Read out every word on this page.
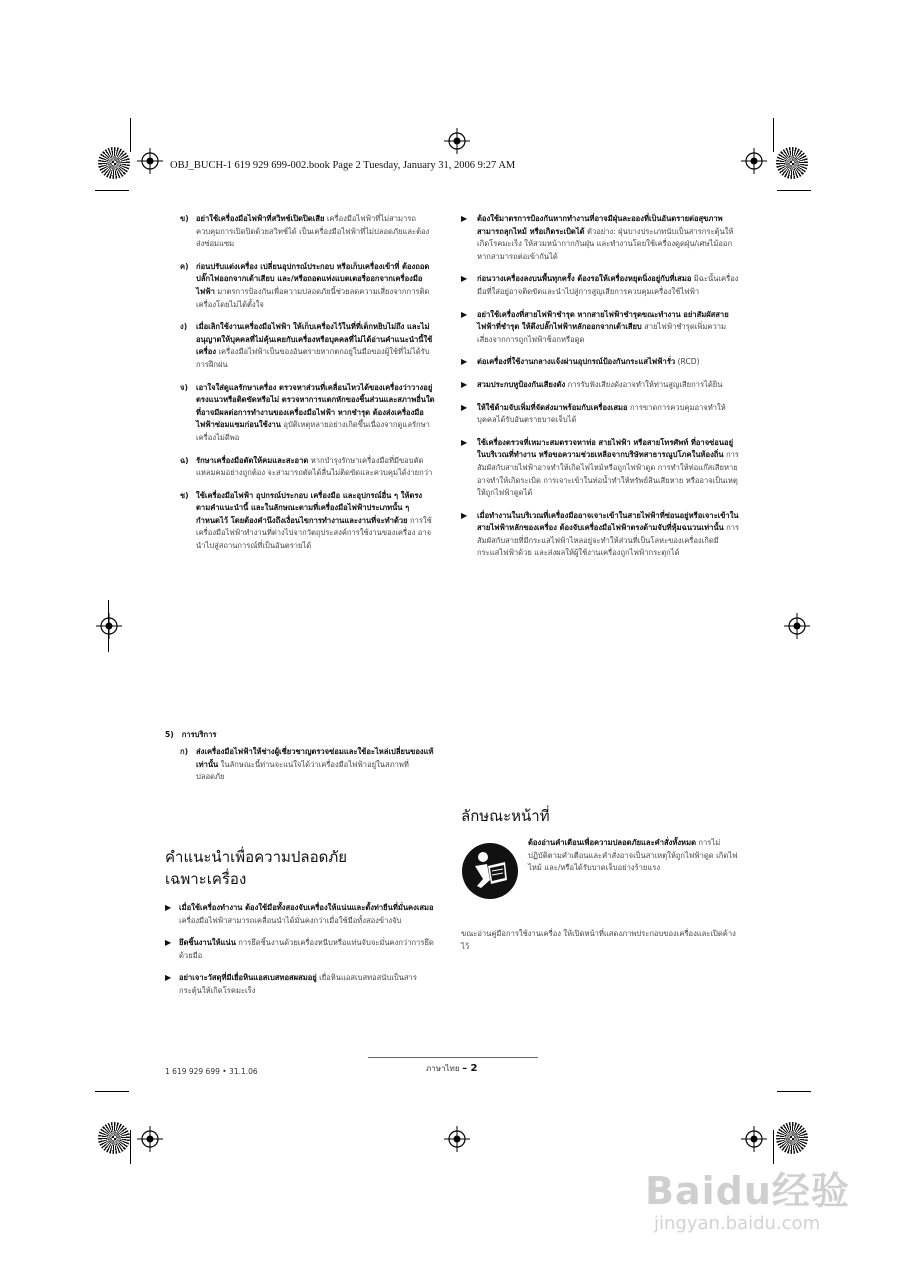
OBJ_BUCH-1 619 929 699-002.book Page 2 Tuesday, January 31, 2006 9:27 AM
ข) อย่าใช้เครื่องมือไฟฟ้าที่สวิทช์เปิดปิดเสีย เครื่องมือไฟฟ้าที่ไม่สามารถควบคุมการเปิดปิดด้วยสวิทช์ได้ เป็นเครื่องมือไฟฟ้าที่ไม่ปลอดภัยและต้องส่งซ่อมแซม
ค) ก่อนปรับแต่งเครื่อง เปลี่ยนอุปกรณ์ประกอบ หรือเก็บเครื่องเข้าที่ ต้องถอดปลั๊กไฟออกจากเต้าเสียบ และ/หรือถอดแท่งแบตเตอรี่ออกจากเครื่องมือไฟฟ้า มาตรการป้องกันเพื่อความปลอดภัยนี้ช่วยลดความเสี่ยงจากการติดเครื่องโดยไม่ได้ตั้งใจ
ง) เมื่อเลิกใช้งานเครื่องมือไฟฟ้า ให้เก็บเครื่องไว้ในที่ที่เด็กหยิบไม่ถึง และไม่อนุญาตให้บุคคลที่ไม่คุ้นเคยกับเครื่องหรือบุคคลที่ไม่ได้อ่านคำแนะนำนี้ใช้เครื่อง เครื่องมือไฟฟ้าเป็นของอันตรายหากตกอยู่ในมือของผู้ใช้ที่ไม่ได้รับการฝึกฝน
จ) เอาใจใส่ดูแลรักษาเครื่อง ตรวจหาส่วนที่เคลื่อนไหวได้ของเครื่องว่าวางอยู่ตรงแนวหรือติดขัดหรือไม่ ตรวจหาการแตกหักของชิ้นส่วนและสภาพอื่นใดที่อาจมีผลต่อการทำงานของเครื่องมือไฟฟ้า หากชำรุด ต้องส่งเครื่องมือไฟฟ้าซ่อมแซมก่อนใช้งาน อุบัติเหตุหลายอย่างเกิดขึ้นเนื่องจากดูแลรักษาเครื่องไม่ดีพอ
ฉ) รักษาเครื่องมือตัดให้คมและสะอาด หากบำรุงรักษาเครื่องมือที่มีขอบตัดแหลมคมอย่างถูกต้อง จะสามารถตัดได้ลื่นไม่ติดขัดและควบคุมได้ง่ายกว่า
ช) ใช้เครื่องมือไฟฟ้า อุปกรณ์ประกอบ เครื่องมือ และอุปกรณ์อื่น ๆ ให้ตรงตามคำแนะนำนี้ และในลักษณะตามที่เครื่องมือไฟฟ้าประเภทนั้น ๆ กำหนดไว้ โดยต้องคำนึงถึงเงื่อนไขการทำงานและงานที่จะทำด้วย การใช้เครื่องมือไฟฟ้าทำงานที่ต่างไปจากวัตถุประสงค์การใช้งานของเครื่อง อาจนำไปสู่สถานการณ์ที่เป็นอันตรายได้
5) การบริการ
ก) ส่งเครื่องมือไฟฟ้าให้ช่างผู้เชี่ยวชาญตรวจซ่อมและใช้อะไหล่เปลี่ยนของแท้เท่านั้น ในลักษณะนี้ท่านจะแน่ใจได้ว่าเครื่องมือไฟฟ้าอยู่ในสภาพที่ปลอดภัย
คำแนะนำเพื่อความปลอดภัย
เฉพาะเครื่อง
▶ เมื่อใช้เครื่องทำงาน ต้องใช้มือทั้งสองจับเครื่องให้แน่นและตั้งท่ายืนที่มั่นคงเสมอ เครื่องมือไฟฟ้าสามารถเคลื่อนนำได้มั่นคงกว่าเมื่อใช้มือทั้งสองข้างจับ
▶ ยึดชิ้นงานให้แน่น การยึดชิ้นงานด้วยเครื่องหนีบหรือแท่นจับจะมั่นคงกว่าการยึดด้วยมือ
▶ อย่าเจาะวัสดุที่มีเยื่อหินแอสเบสทอสผสมอยู่ เยื่อหินแอสเบสทอสนับเป็นสารกระตุ้นให้เกิดโรคมะเร็ง
▶ ต้องใช้มาตรการป้องกันหากทำงานที่อาจมีฝุ่นละอองที่เป็นอันตรายต่อสุขภาพ สามารถลุกไหม้ หรือเกิดระเบิดได้ ตัวอย่าง: ฝุ่นบางประเภทนับเป็นสารกระตุ้นให้เกิดโรคมะเร็ง ให้สวมหน้ากากกันฝุ่น และทำงานโดยใช้เครื่องดูดฝุ่น/เศษไม้ออกหากสามารถต่อเข้ากันได้
▶ ก่อนวางเครื่องลงบนพื้นทุกครั้ง ต้องรอให้เครื่องหยุดนิ่งอยู่กับที่เสมอ มิฉะนั้นเครื่องมือที่ใส่อยู่อาจติดขัดและนำไปสู่การสูญเสียการควบคุมเครื่องใช้ไฟฟ้า
▶ อย่าใช้เครื่องที่สายไฟฟ้าชำรุด หากสายไฟฟ้าชำรุดขณะทำงาน อย่าสัมผัสสายไฟฟ้าที่ชำรุด ให้ดึงปลั๊กไฟฟ้าหลักออกจากเต้าเสียบ สายไฟฟ้าชำรุดเพิ่มความเสี่ยงจากการถูกไฟฟ้าช็อกหรือดูด
▶ ต่อเครื่องที่ใช้งานกลางแจ้งผ่านอุปกรณ์ป้องกันกระแสไฟฟ้ารั่ว (RCD)
▶ สวมประกบหูป้องกันเสียงดัง การรับฟังเสียงดังอาจทำให้ท่านสูญเสียการได้ยิน
▶ ให้ใช้ด้ามจับเพิ่มที่จัดส่งมาพร้อมกับเครื่องเสมอ การขาดการควบคุมอาจทำให้บุคคลได้รับอันตรายบาดเจ็บได้
▶ ใช้เครื่องตรวจที่เหมาะสมตรวจหาท่อ สายไฟฟ้า หรือสายโทรศัพท์ ที่อาจซ่อนอยู่ในบริเวณที่ทำงาน หรือขอความช่วยเหลือจากบริษัทสาธารณูปโภคในท้องถิ่น การสัมผัสกับสายไฟฟ้าอาจทำให้เกิดไฟไหม้หรือถูกไฟฟ้าดูด การทำให้ท่อแก๊สเสียหายอาจทำให้เกิดระเบิด การเจาะเข้าในท่อน้ำทำให้ทรัพย์สินเสียหาย หรืออาจเป็นเหตุให้ถูกไฟฟ้าดูดได้
▶ เมื่อทำงานในบริเวณที่เครื่องมืออาจเจาะเข้าในสายไฟฟ้าที่ซ่อนอยู่หรือเจาะเข้าในสายไฟฟ้าหลักของเครื่อง ต้องจับเครื่องมือไฟฟ้าตรงด้ามจับที่หุ้มฉนวนเท่านั้น การสัมผัสกับสายที่มีกระแสไฟฟ้าไหลอยู่จะทำให้ส่วนที่เป็นโลหะของเครื่องเกิดมีกระแสไฟฟ้าด้วย และส่งผลให้ผู้ใช้งานเครื่องถูกไฟฟ้ากระตุกได้
ลักษณะหน้าที่
ต้องอ่านคำเตือนเพื่อความปลอดภัยและคำสั่งทั้งหมด การไม่ปฏิบัติตามคำเตือนและคำสั่งอาจเป็นสาเหตุให้ถูกไฟฟ้าดูด เกิดไฟไหม้ และ/หรือได้รับบาดเจ็บอย่างร้ายแรง
ขณะอ่านคู่มือการใช้งานเครื่อง ให้เปิดหน้าที่แสดงภาพประกอบของเครื่องและเปิดค้างไว้
1 619 929 699 • 31.1.06	ภาษาไทย – 2
Baidu经验
jingyan.baidu.com
